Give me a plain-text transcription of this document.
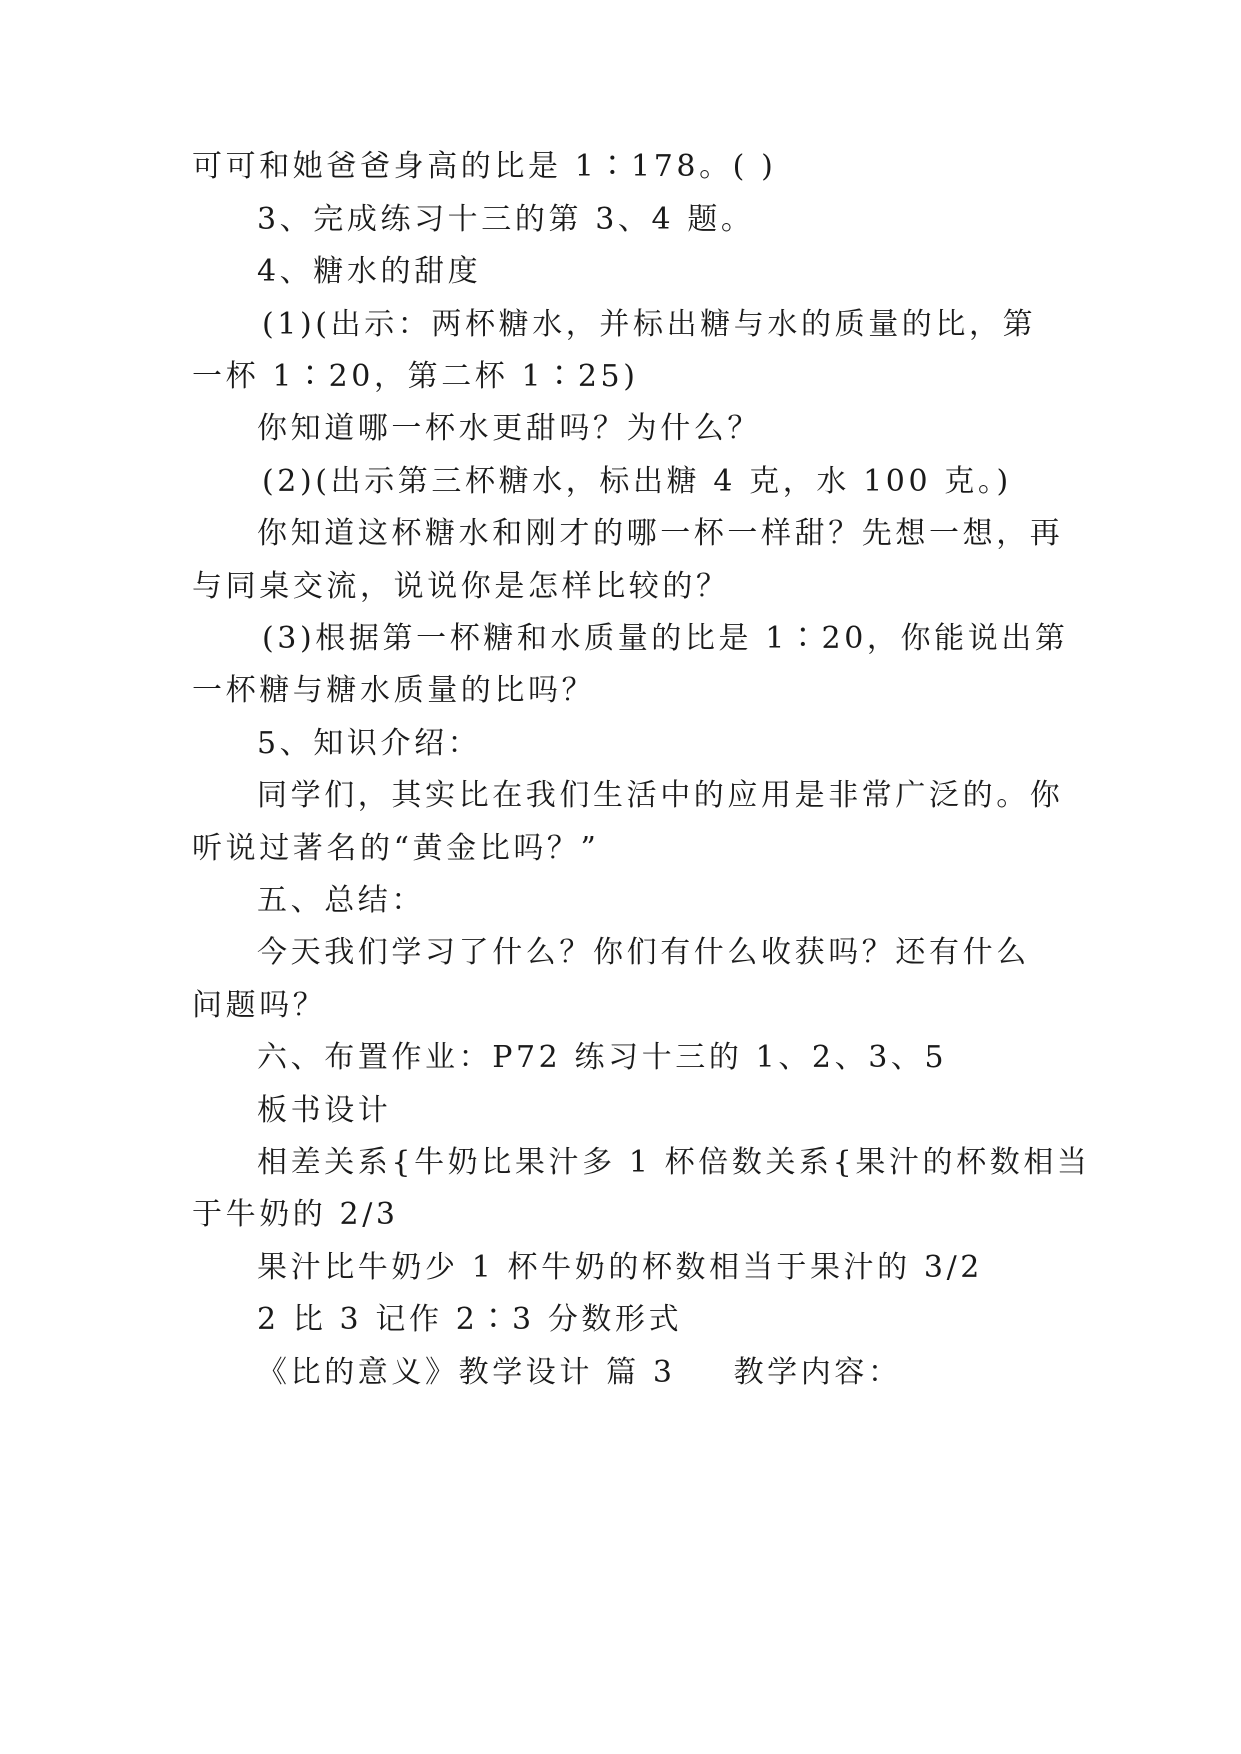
可可和她爸爸身高的比是 1∶178。( )
3、完成练习十三的第 3、4 题。
4、糖水的甜度
(1)(出示：两杯糖水，并标出糖与水的质量的比，第
一杯 1∶20，第二杯 1∶25)
你知道哪一杯水更甜吗？为什么？
(2)(出示第三杯糖水，标出糖 4 克，水 100 克。)
你知道这杯糖水和刚才的哪一杯一样甜？先想一想，再
与同桌交流，说说你是怎样比较的？
(3)根据第一杯糖和水质量的比是 1∶20，你能说出第
一杯糖与糖水质量的比吗？
5、知识介绍：
同学们，其实比在我们生活中的应用是非常广泛的。你
听说过著名的“黄金比吗？”
五、总结：
今天我们学习了什么？你们有什么收获吗？还有什么
问题吗？
六、布置作业：P72 练习十三的 1、2、3、5
板书设计
相差关系{牛奶比果汁多 1 杯倍数关系{果汁的杯数相当
于牛奶的 2/3
果汁比牛奶少 1 杯牛奶的杯数相当于果汁的 3/2
2 比 3 记作 2∶3 分数形式
《比的意义》教学设计 篇 3 教学内容：
